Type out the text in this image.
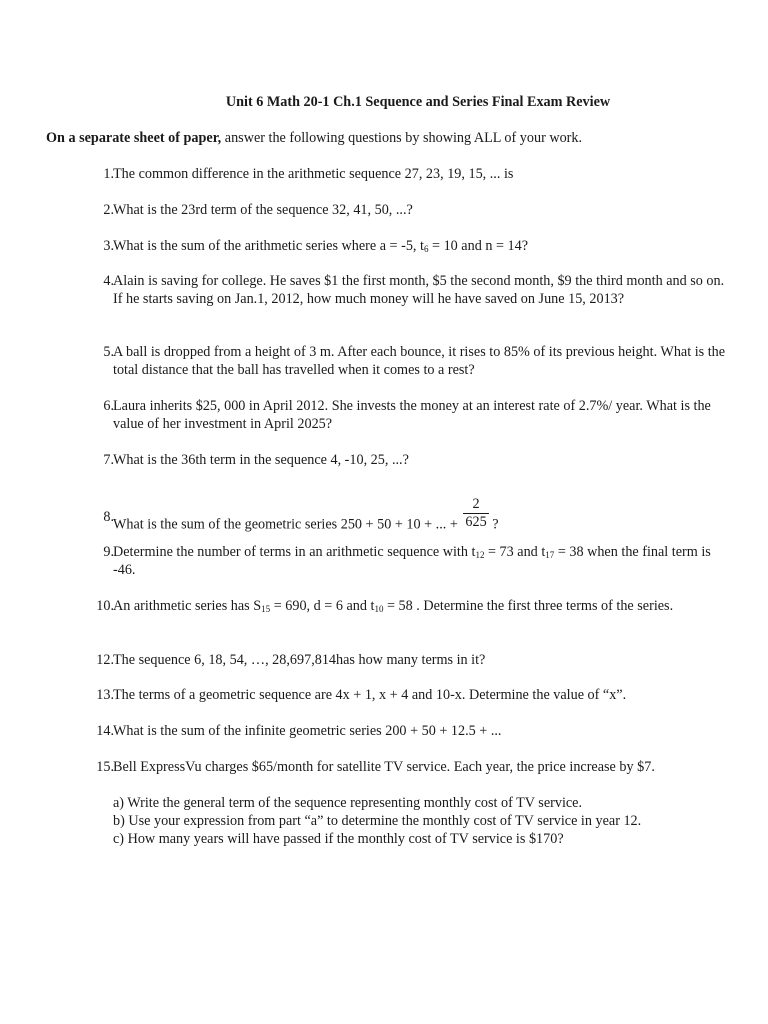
Unit 6 Math 20-1 Ch.1 Sequence and Series Final Exam Review
On a separate sheet of paper, answer the following questions by showing ALL of your work.
1. The common difference in the arithmetic sequence 27, 23, 19, 15, ... is
2. What is the 23rd term of the sequence 32, 41, 50, ...?
3. What is the sum of the arithmetic series where a = -5, $t_6 = 10$ and n = 14?
4. Alain is saving for college. He saves $1 the first month, $5 the second month, $9 the third month and so on. If he starts saving on Jan.1, 2012, how much money will he have saved on June 15, 2013?
5. A ball is dropped from a height of 3 m. After each bounce, it rises to 85% of its previous height. What is the total distance that the ball has travelled when it comes to a rest?
6. Laura inherits $25, 000 in April 2012. She invests the money at an interest rate of 2.7%/ year. What is the value of her investment in April 2025?
7. What is the 36th term in the sequence 4, -10, 25, ...?
8. What is the sum of the geometric series 250 + 50 + 10 + ... + $\frac{2}{625}$ ?
9. Determine the number of terms in an arithmetic sequence with $t_{12} = 73$ and $t_{17} = 38$ when the final term is -46.
10. An arithmetic series has $S_{15} = 690$, d = 6 and $t_{10} = 58$ . Determine the first three terms of the series.
12. The sequence 6, 18, 54, …, 28,697,814has how many terms in it?
13. The terms of a geometric sequence are 4x + 1, x + 4 and 10-x. Determine the value of “x”.
14. What is the sum of the infinite geometric series 200 + 50 + 12.5 + ...
15. Bell ExpressVu charges $65/month for satellite TV service. Each year, the price increase by $7.
a) Write the general term of the sequence representing monthly cost of TV service.
b) Use your expression from part “a” to determine the monthly cost of TV service in year 12.
c) How many years will have passed if the monthly cost of TV service is $170?
